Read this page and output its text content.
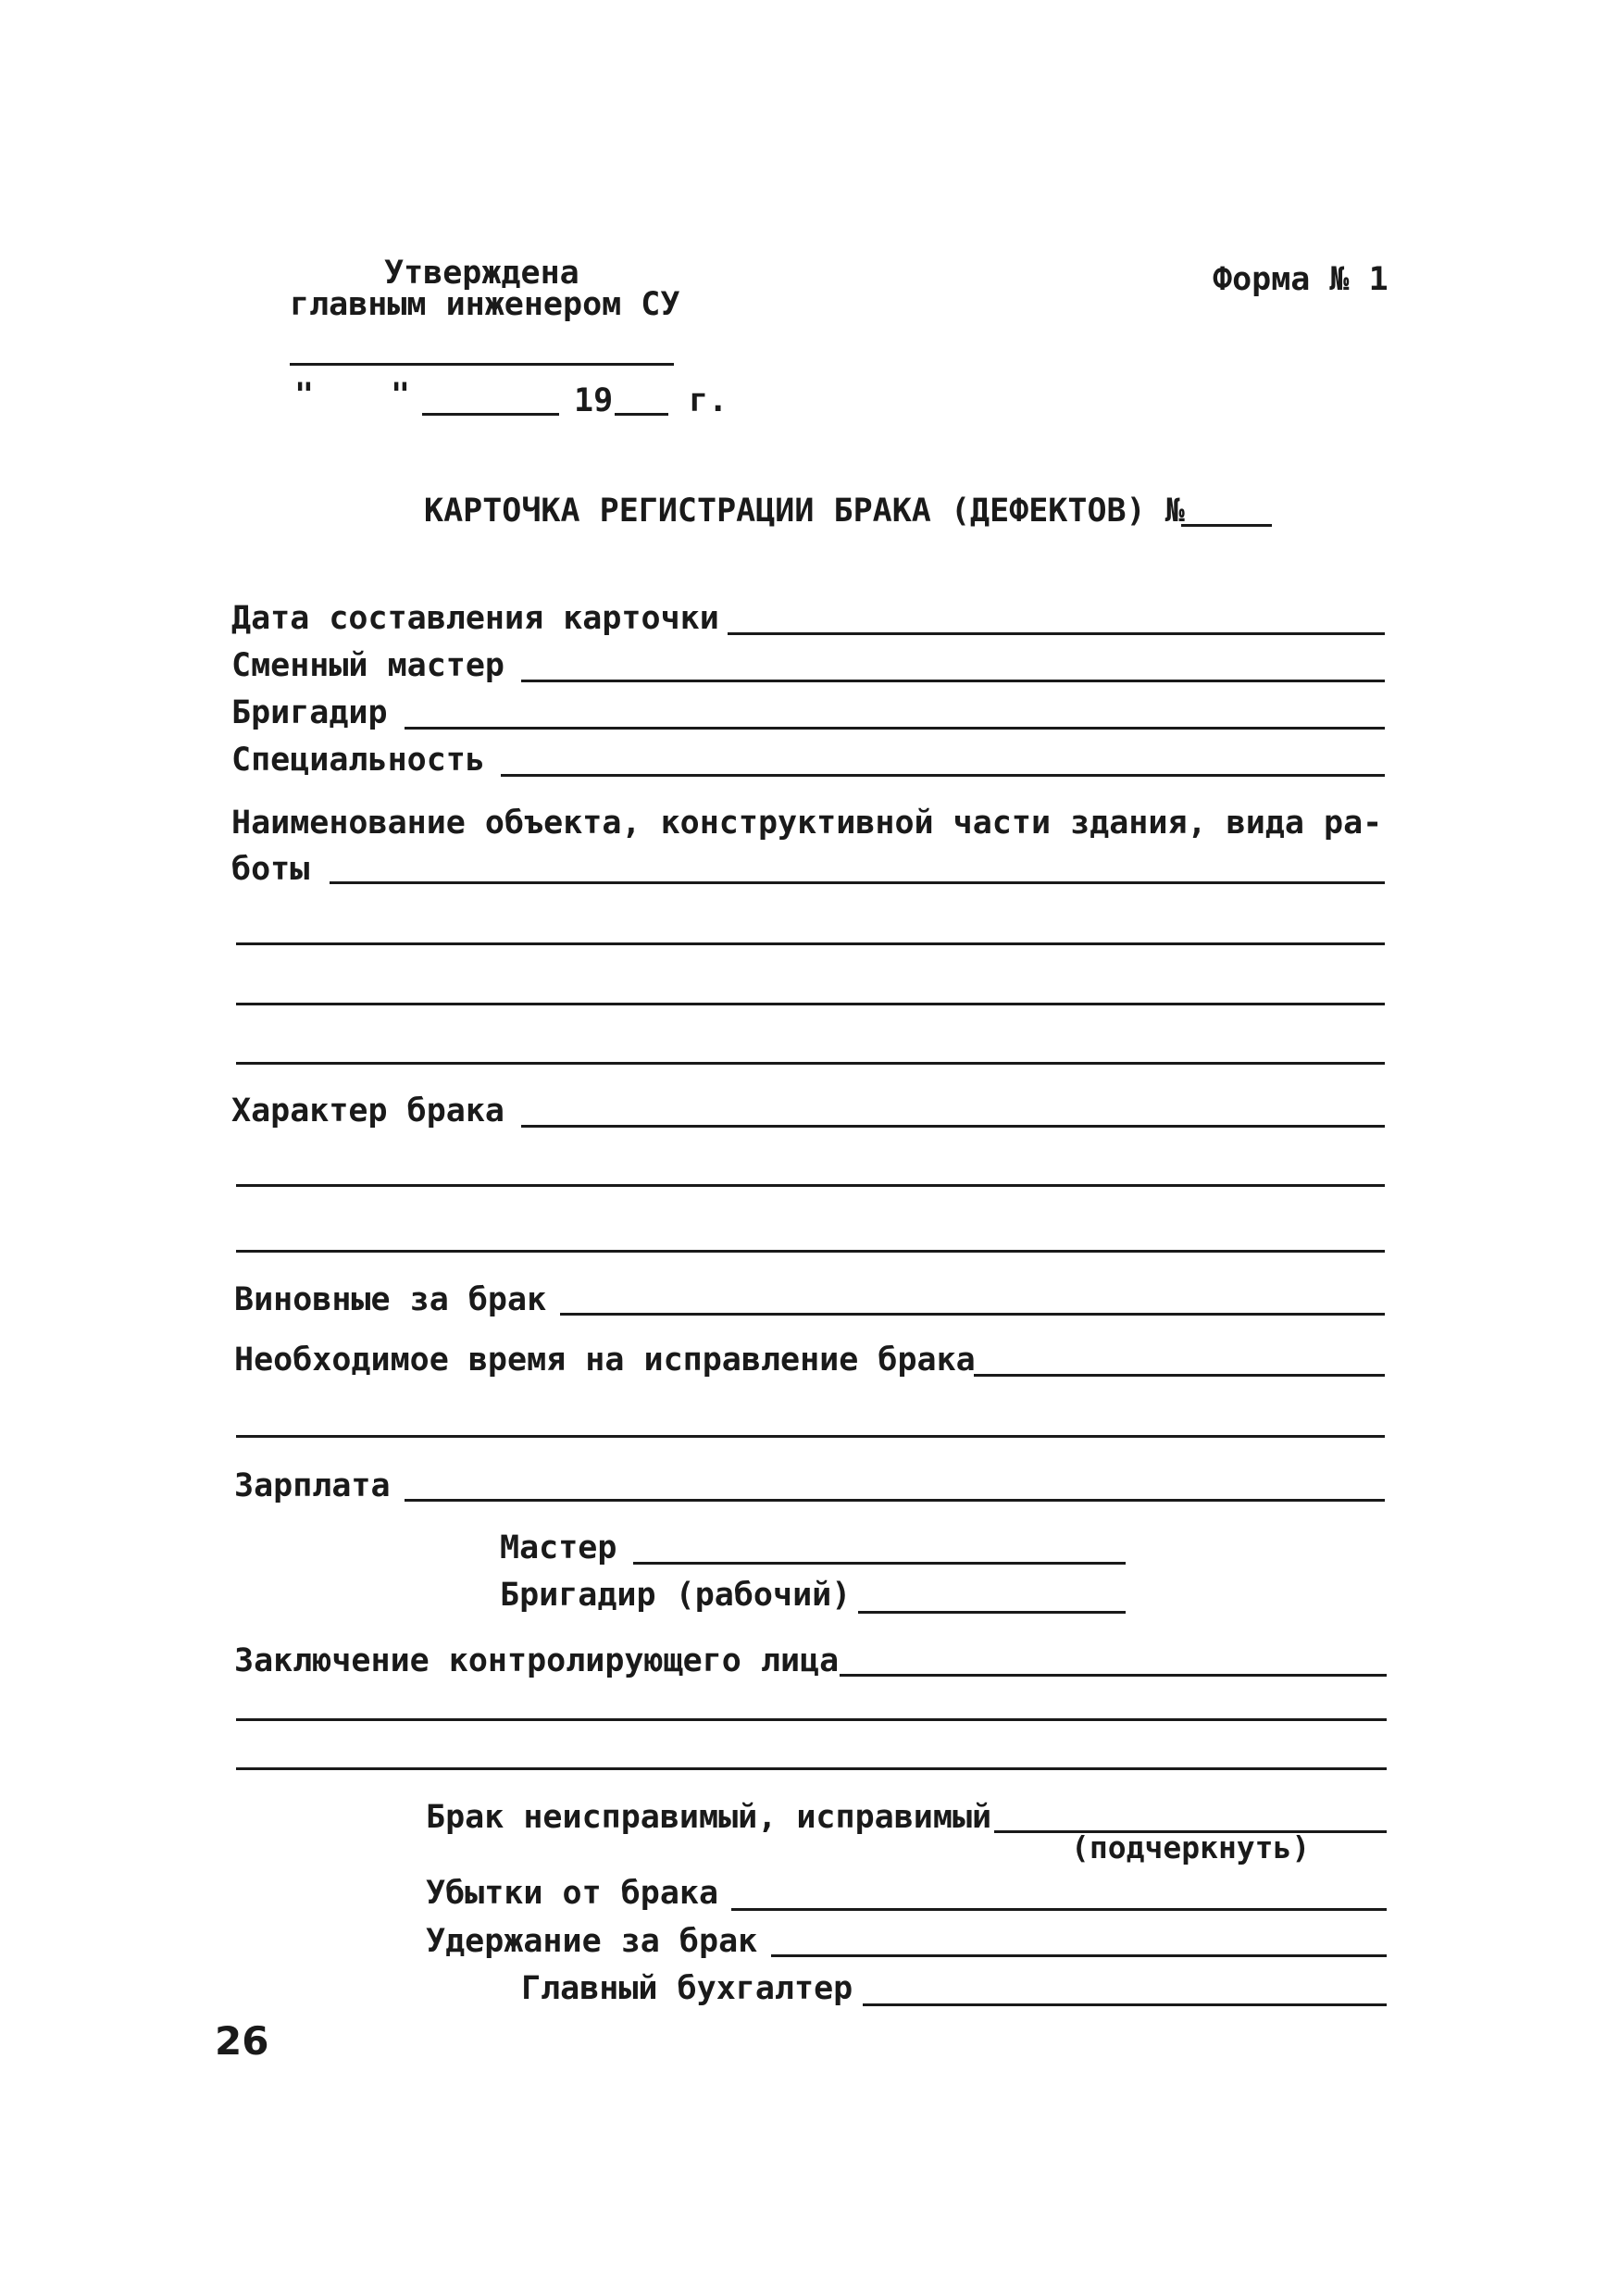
Утверждена
главным инженером СУ
" "	19 г.
Форма № 1
КАРТОЧКА РЕГИСТРАЦИИ БРАКА (ДЕФЕКТОВ) №
Дата составления карточки
Сменный мастер
Бригадир
Специальность
Наименование объекта, конструктивной части здания, вида ра-
боты
Характер брака
Виновные за брак
Необходимое время на исправление брака
Зарплата
Мастер
Бригадир (рабочий)
Заключение контролирующего лица
Брак неисправимый, исправимый
(подчеркнуть)
Убытки от брака
Удержание за брак
Главный бухгалтер
26
